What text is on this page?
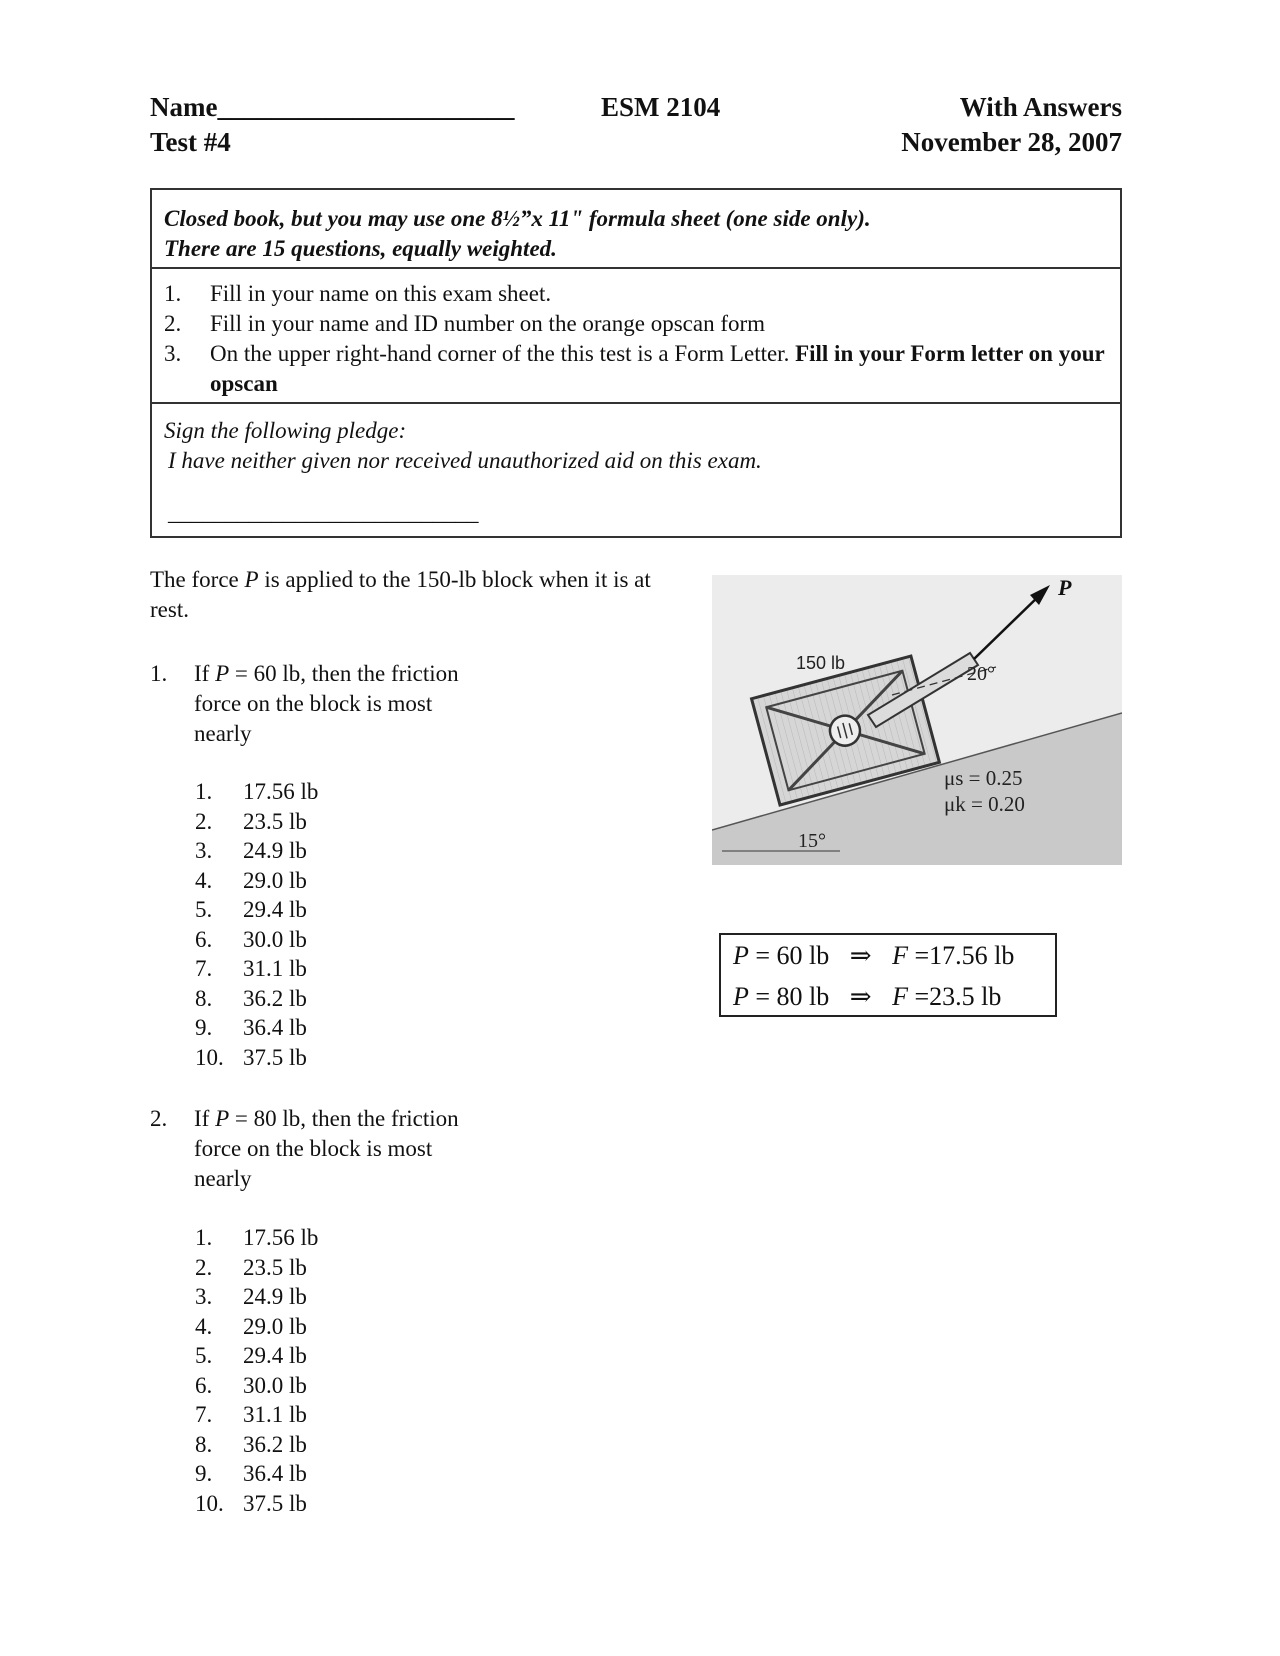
Name______________________
Test #4
ESM 2104	With Answers
November 28, 2007
Closed book, but you may use one 8½”x 11" formula sheet (one side only).
There are 15 questions, equally weighted.
1. Fill in your name on this exam sheet.
2. Fill in your name and ID number on the orange opscan form
3. On the upper right-hand corner of the this test is a Form Letter. Fill in your Form letter on your opscan
Sign the following pledge:
I have neither given nor received unauthorized aid on this exam.
___________________________
The force P is applied to the 150-lb block when it is at rest.
1. If P = 60 lb, then the friction force on the block is most nearly
1. 17.56 lb
2. 23.5 lb
3. 24.9 lb
4. 29.0 lb
5. 29.4 lb
6. 30.0 lb
7. 31.1 lb
8. 36.2 lb
9. 36.4 lb
10. 37.5 lb
2. If P = 80 lb, then the friction force on the block is most nearly
1. 17.56 lb
2. 23.5 lb
3. 24.9 lb
4. 29.0 lb
5. 29.4 lb
6. 30.0 lb
7. 31.1 lb
8. 36.2 lb
9. 36.4 lb
10. 37.5 lb
P
150 lb	20°
15°
μs = 0.25
μk = 0.20
P = 60 lb ⇒ F =17.56 lb
P = 80 lb ⇒ F =23.5 lb
